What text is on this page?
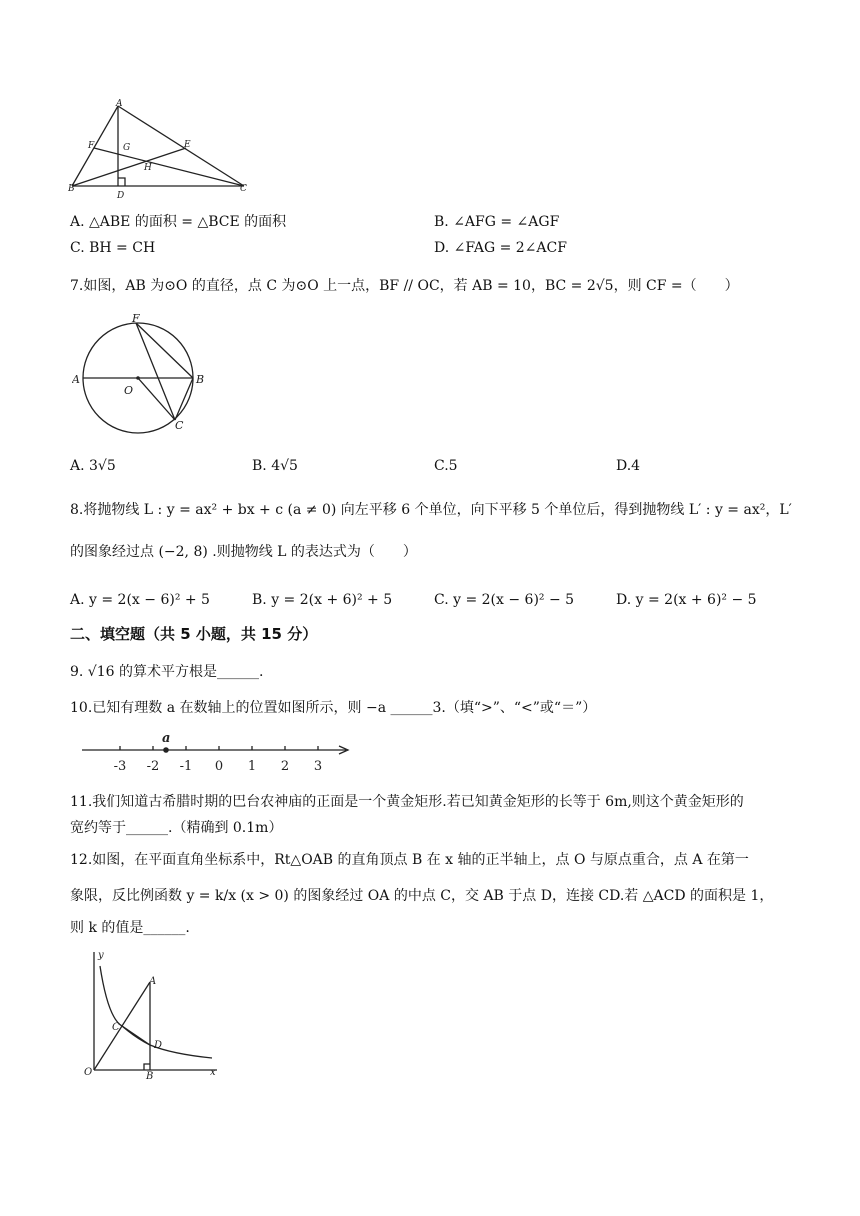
A
B	C
D
E
F	G
H
A. △ABE 的面积 = △BCE 的面积	B. ∠AFG = ∠AGF
C. BH = CH	D. ∠FAG = 2∠ACF
7.如图，AB 为⊙O 的直径，点 C 为⊙O 上一点，BF // OC，若 AB = 10，BC = 2√5，则 CF =（　　）
F
A
O
B
C
A. 3√5	B. 4√5	C.5	D.4
8.将抛物线 L : y = ax² + bx + c (a ≠ 0) 向左平移 6 个单位，向下平移 5 个单位后，得到抛物线 L′ : y = ax²，L′
的图象经过点 (−2, 8) .则抛物线 L 的表达式为（　　）
A. y = 2(x − 6)² + 5	B. y = 2(x + 6)² + 5	C. y = 2(x − 6)² − 5	D. y = 2(x + 6)² − 5
二、填空题（共 5 小题，共 15 分）
9. √16 的算术平方根是______.
10.已知有理数 a 在数轴上的位置如图所示，则 −a ______3.（填“>”、“<”或“＝”）
a
-3 -2 -1 0 1 2 3
11.我们知道古希腊时期的巴台农神庙的正面是一个黄金矩形.若已知黄金矩形的长等于 6m,则这个黄金矩形的
宽约等于______.（精确到 0.1m）
12.如图，在平面直角坐标系中，Rt△OAB 的直角顶点 B 在 x 轴的正半轴上，点 O 与原点重合，点 A 在第一
象限，反比例函数 y = k/x (x > 0) 的图象经过 OA 的中点 C，交 AB 于点 D，连接 CD.若 △ACD 的面积是 1，
则 k 的值是______.
y
A
C
D
O	B	x
